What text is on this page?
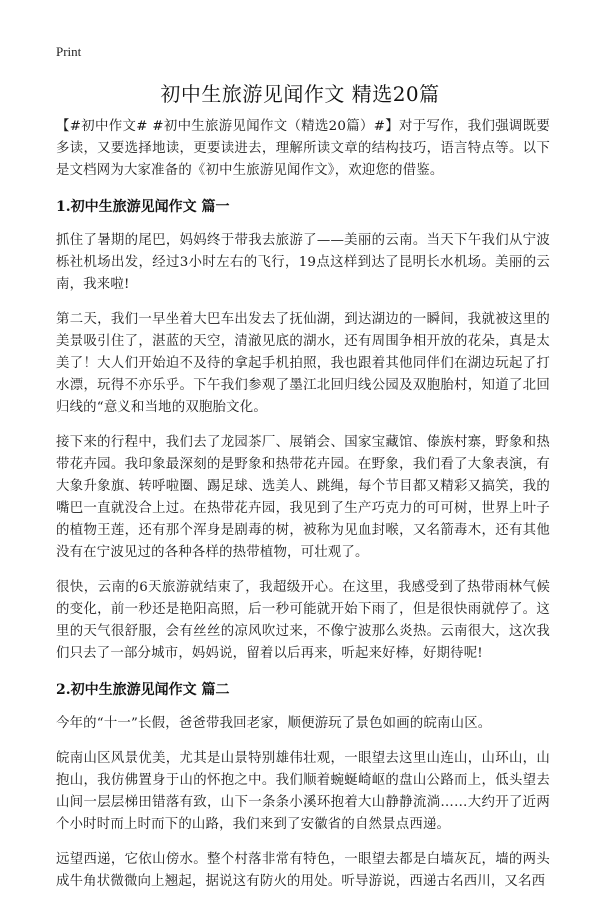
Print
初中生旅游见闻作文 精选20篇

【#初中作文# #初中生旅游见闻作文（精选20篇）#】对于写作，我们强调既要多读，又要选择地读，更要读进去，理解所读文章的结构技巧，语言特点等。以下是文档网为大家准备的《初中生旅游见闻作文》，欢迎您的借鉴。

1.初中生旅游见闻作文 篇一

抓住了暑期的尾巴，妈妈终于带我去旅游了——美丽的云南。当天下午我们从宁波栎社机场出发，经过3小时左右的飞行，19点这样到达了昆明长水机场。美丽的云南，我来啦!

第二天，我们一早坐着大巴车出发去了抚仙湖，到达湖边的一瞬间，我就被这里的美景吸引住了，湛蓝的天空，清澈见底的湖水，还有周围争相开放的花朵，真是太美了！大人们开始迫不及待的拿起手机拍照，我也跟着其他同伴们在湖边玩起了打水漂，玩得不亦乐乎。下午我们参观了墨江北回归线公园及双胞胎村，知道了北回归线的“意义和当地的双胞胎文化。

接下来的行程中，我们去了龙园茶厂、展销会、国家宝藏馆、傣族村寨，野象和热带花卉园。我印象最深刻的是野象和热带花卉园。在野象，我们看了大象表演，有大象升象旗、转呼啦圈、踢足球、选美人、跳绳，每个节目都又精彩又搞笑，我的嘴巴一直就没合上过。在热带花卉园，我见到了生产巧克力的可可树，世界上叶子的植物王莲，还有那个浑身是剧毒的树，被称为见血封喉，又名箭毒木，还有其他没有在宁波见过的各种各样的热带植物，可壮观了。

很快，云南的6天旅游就结束了，我超级开心。在这里，我感受到了热带雨林气候的变化，前一秒还是艳阳高照，后一秒可能就开始下雨了，但是很快雨就停了。这里的天气很舒服，会有丝丝的凉风吹过来，不像宁波那么炎热。云南很大，这次我们只去了一部分城市，妈妈说，留着以后再来，听起来好棒，好期待呢!

2.初中生旅游见闻作文 篇二

今年的“十一”长假，爸爸带我回老家，顺便游玩了景色如画的皖南山区。

皖南山区风景优美，尤其是山景特别雄伟壮观，一眼望去这里山连山，山环山，山抱山，我仿佛置身于山的怀抱之中。我们顺着蜿蜒崎岖的盘山公路而上，低头望去山间一层层梯田错落有致，山下一条条小溪环抱着大山静静流淌……大约开了近两个小时时而上时而下的山路，我们来到了安徽省的自然景点西递。

远望西递，它依山傍水。整个村落非常有特色，一眼望去都是白墙灰瓦，墙的两头成牛角状微微向上翘起，据说这有防火的用处。听导游说，西递古名西川，又名西
